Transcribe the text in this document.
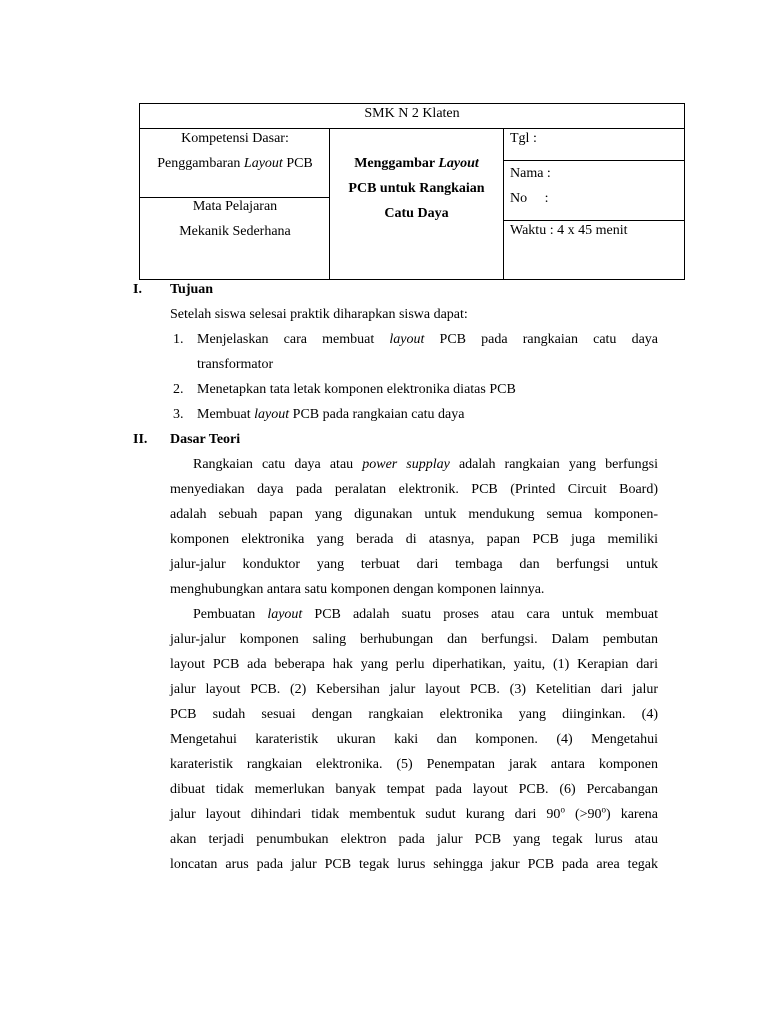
SMK N 2 Klaten
Kompetensi Dasar:
Penggambaran Layout PCB
Mata Pelajaran
Mekanik Sederhana
Menggambar Layout
PCB untuk Rangkaian
Catu Daya
Tgl :
Nama :
No     :
Waktu : 4 x 45 menit
I. Tujuan
Setelah siswa selesai praktik diharapkan siswa dapat:
1. Menjelaskan cara membuat layout PCB pada rangkaian catu daya
transformator
2. Menetapkan tata letak komponen elektronika diatas PCB
3. Membuat layout PCB pada rangkaian catu daya
II. Dasar Teori
Rangkaian catu daya atau power supplay adalah rangkaian yang berfungsi
menyediakan daya pada peralatan elektronik. PCB (Printed Circuit Board)
adalah sebuah papan yang digunakan untuk mendukung semua komponen-
komponen elektronika yang berada di atasnya, papan PCB juga memiliki
jalur-jalur konduktor yang terbuat dari tembaga dan berfungsi untuk
menghubungkan antara satu komponen dengan komponen lainnya.
Pembuatan layout PCB adalah suatu proses atau cara untuk membuat
jalur-jalur komponen saling berhubungan dan berfungsi. Dalam pembutan
layout PCB ada beberapa hak yang perlu diperhatikan, yaitu, (1) Kerapian dari
jalur layout PCB. (2) Kebersihan jalur layout PCB. (3) Ketelitian dari jalur
PCB sudah sesuai dengan rangkaian elektronika yang diinginkan. (4)
Mengetahui karateristik ukuran kaki dan komponen. (4) Mengetahui
karateristik rangkaian elektronika. (5) Penempatan jarak antara komponen
dibuat tidak memerlukan banyak tempat pada layout PCB. (6) Percabangan
jalur layout dihindari tidak membentuk sudut kurang dari 90$^o$ $(>90^o)$ karena
akan terjadi penumbukan elektron pada jalur PCB yang tegak lurus atau
loncatan arus pada jalur PCB tegak lurus sehingga jakur PCB pada area tegak
